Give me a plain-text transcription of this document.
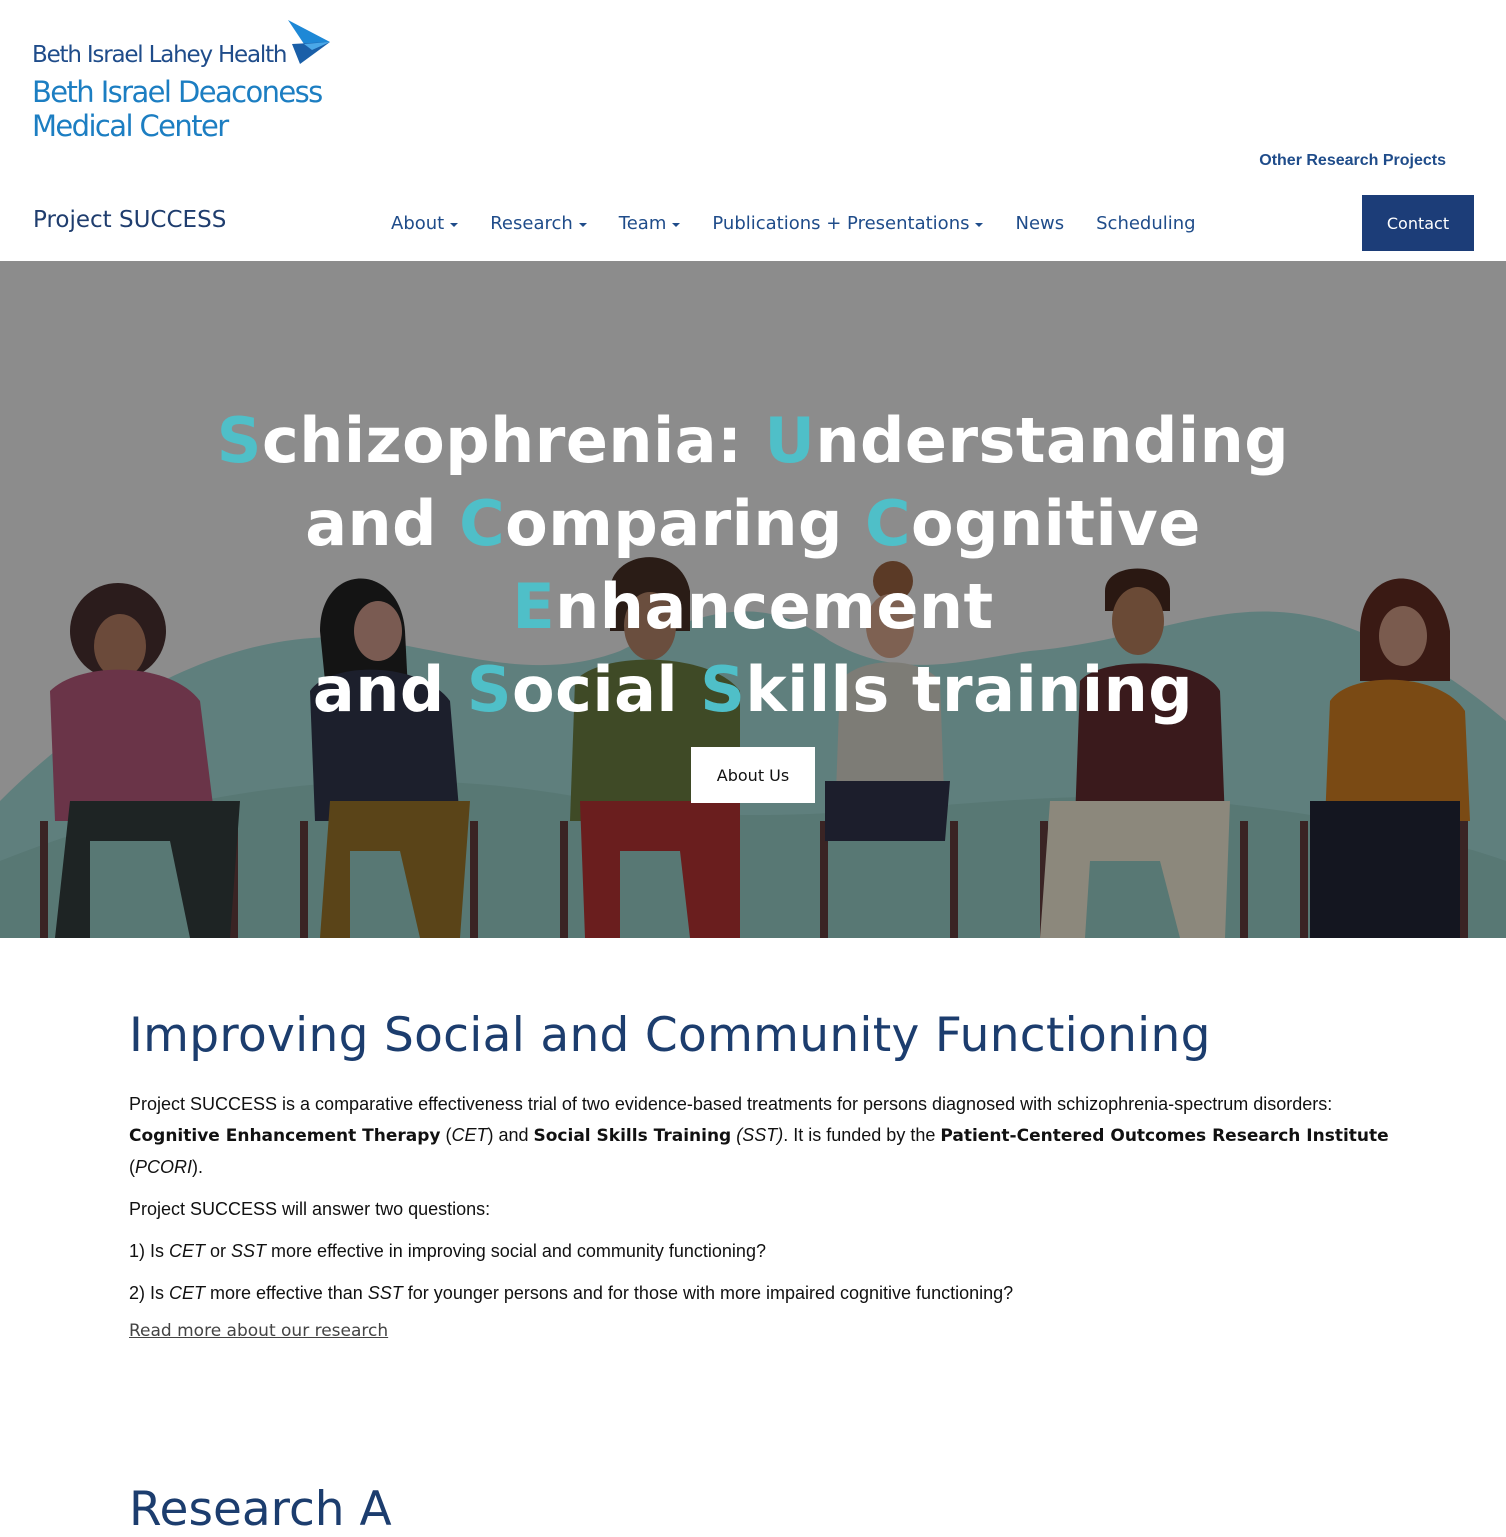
Beth Israel Lahey Health
Beth Israel Deaconess
Medical Center
Other Research Projects
Project SUCCESS	About	Research	Team	Publications + Presentations	News Scheduling	Contact
Schizophrenia: Understanding
and Comparing Cognitive
Enhancement
and Social Skills training
About Us
Improving Social and Community Functioning

Project SUCCESS is a comparative effectiveness trial of two evidence-based treatments for persons diagnosed with schizophrenia-spectrum disorders: Cognitive Enhancement Therapy (CET) and Social Skills Training (SST). It is funded by the Patient-Centered Outcomes Research Institute (PCORI).

Project SUCCESS will answer two questions:

1) Is CET or SST more effective in improving social and community functioning?

2) Is CET more effective than SST for younger persons and for those with more impaired cognitive functioning?

Read more about our research
Research A
